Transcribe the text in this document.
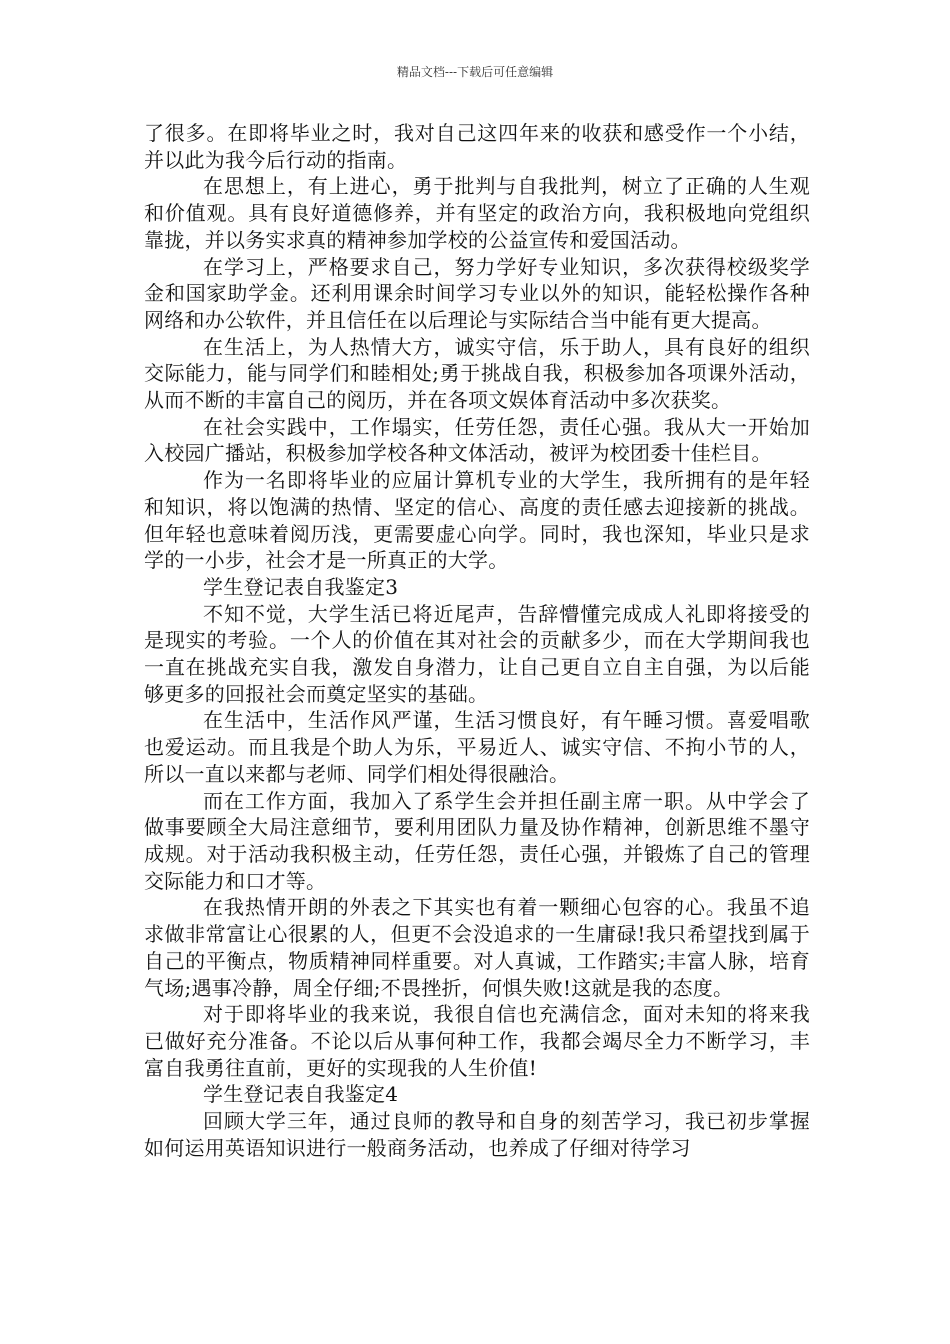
精品文档---下载后可任意编辑

了很多。在即将毕业之时，我对自己这四年来的收获和感受作一个小结，并以此为我今后行动的指南。

在思想上，有上进心，勇于批判与自我批判，树立了正确的人生观和价值观。具有良好道德修养，并有坚定的政治方向，我积极地向党组织靠拢，并以务实求真的精神参加学校的公益宣传和爱国活动。

在学习上，严格要求自己，努力学好专业知识，多次获得校级奖学金和国家助学金。还利用课余时间学习专业以外的知识，能轻松操作各种网络和办公软件，并且信任在以后理论与实际结合当中能有更大提高。

在生活上，为人热情大方，诚实守信，乐于助人，具有良好的组织交际能力，能与同学们和睦相处;勇于挑战自我，积极参加各项课外活动，从而不断的丰富自己的阅历，并在各项文娱体育活动中多次获奖。

在社会实践中，工作塌实，任劳任怨，责任心强。我从大一开始加入校园广播站，积极参加学校各种文体活动，被评为校团委十佳栏目。

作为一名即将毕业的应届计算机专业的大学生，我所拥有的是年轻和知识，将以饱满的热情、坚定的信心、高度的责任感去迎接新的挑战。但年轻也意味着阅历浅，更需要虚心向学。同时，我也深知，毕业只是求学的一小步，社会才是一所真正的大学。

学生登记表自我鉴定3

不知不觉，大学生活已将近尾声，告辞懵懂完成成人礼即将接受的是现实的考验。一个人的价值在其对社会的贡献多少，而在大学期间我也一直在挑战充实自我，激发自身潜力，让自己更自立自主自强，为以后能够更多的回报社会而奠定坚实的基础。

在生活中，生活作风严谨，生活习惯良好，有午睡习惯。喜爱唱歌也爱运动。而且我是个助人为乐，平易近人、诚实守信、不拘小节的人，所以一直以来都与老师、同学们相处得很融洽。

而在工作方面，我加入了系学生会并担任副主席一职。从中学会了做事要顾全大局注意细节，要利用团队力量及协作精神，创新思维不墨守成规。对于活动我积极主动，任劳任怨，责任心强，并锻炼了自己的管理交际能力和口才等。

在我热情开朗的外表之下其实也有着一颗细心包容的心。我虽不追求做非常富让心很累的人，但更不会没追求的一生庸碌!我只希望找到属于自己的平衡点，物质精神同样重要。对人真诚，工作踏实;丰富人脉，培育气场;遇事冷静，周全仔细;不畏挫折，何惧失败!这就是我的态度。

对于即将毕业的我来说，我很自信也充满信念，面对未知的将来我已做好充分准备。不论以后从事何种工作，我都会竭尽全力不断学习，丰富自我勇往直前，更好的实现我的人生价值!

学生登记表自我鉴定4

回顾大学三年，通过良师的教导和自身的刻苦学习，我已初步掌握如何运用英语知识进行一般商务活动，也养成了仔细对待学习
